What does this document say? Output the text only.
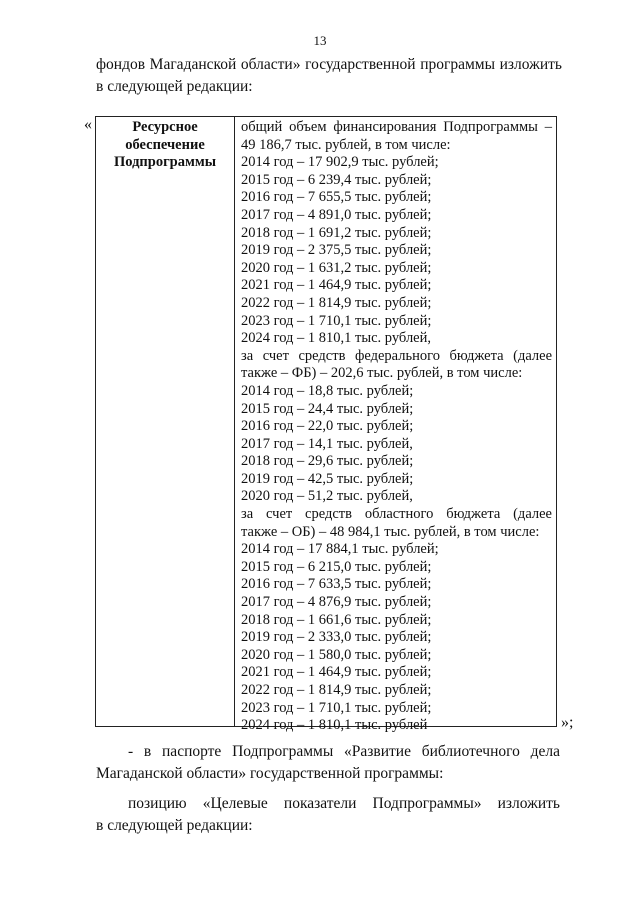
13
фондов Магаданской области» государственной программы изложить
в следующей редакции:
«	Ресурсное
обеспечение
Подпрограммы
общий объем финансирования Подпрограммы –
49 186,7 тыс. рублей, в том числе:
2014 год – 17 902,9 тыс. рублей;
2015 год – 6 239,4 тыс. рублей;
2016 год – 7 655,5 тыс. рублей;
2017 год – 4 891,0 тыс. рублей;
2018 год – 1 691,2 тыс. рублей;
2019 год – 2 375,5 тыс. рублей;
2020 год – 1 631,2 тыс. рублей;
2021 год – 1 464,9 тыс. рублей;
2022 год – 1 814,9 тыс. рублей;
2023 год – 1 710,1 тыс. рублей;
2024 год – 1 810,1 тыс. рублей,
за счет средств федерального бюджета (далее
также – ФБ) – 202,6 тыс. рублей, в том числе:
2014 год – 18,8 тыс. рублей;
2015 год – 24,4 тыс. рублей;
2016 год – 22,0 тыс. рублей;
2017 год – 14,1 тыс. рублей,
2018 год – 29,6 тыс. рублей;
2019 год – 42,5 тыс. рублей;
2020 год – 51,2 тыс. рублей,
за счет средств областного бюджета (далее
также – ОБ) – 48 984,1 тыс. рублей, в том числе:
2014 год – 17 884,1 тыс. рублей;
2015 год – 6 215,0 тыс. рублей;
2016 год – 7 633,5 тыс. рублей;
2017 год – 4 876,9 тыс. рублей;
2018 год – 1 661,6 тыс. рублей;
2019 год – 2 333,0 тыс. рублей;
2020 год – 1 580,0 тыс. рублей;
2021 год – 1 464,9 тыс. рублей;
2022 год – 1 814,9 тыс. рублей;
2023 год – 1 710,1 тыс. рублей;
2024 год – 1 810,1 тыс. рублей	»;
- в паспорте Подпрограммы «Развитие библиотечного дела
Магаданской области» государственной программы:
позицию «Целевые показатели Подпрограммы» изложить
в следующей редакции:
